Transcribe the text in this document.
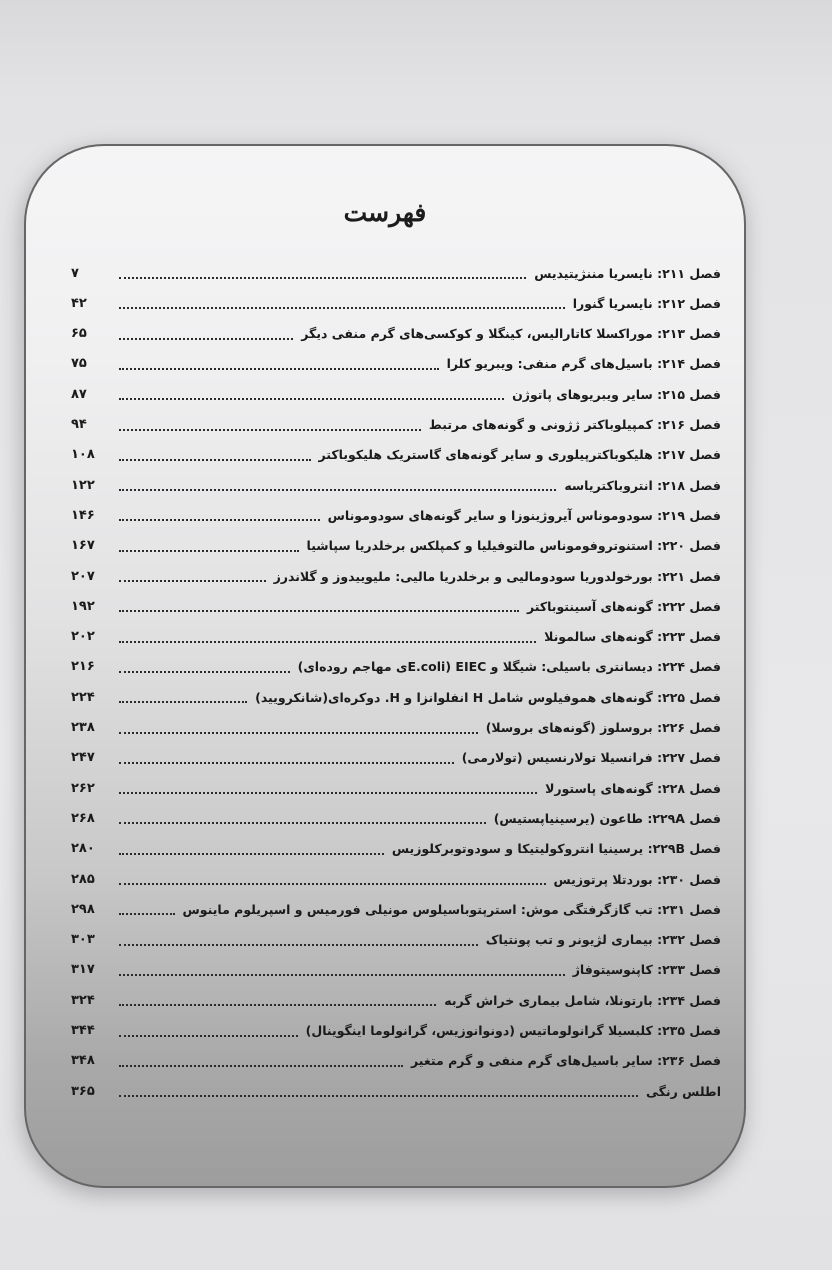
فهرست
فصل ۲۱۱: نایسریا مننژیتیدیس
۷
فصل ۲۱۲: نایسریا گنورا
۴۲
فصل ۲۱۳: موراکسلا کاتارالیس، کینگلا و کوکسی‌های گرم منفی دیگر
۶۵
فصل ۲۱۴: باسیل‌های گرم منفی: ویبریو کلرا
۷۵
فصل ۲۱۵: سایر ویبریوهای پاتوژن
۸۷
فصل ۲۱۶: کمپیلوباکتر ژژونی و گونه‌های مرتبط
۹۴
فصل ۲۱۷: هلیکوباکترپیلوری و سایر گونه‌های گاستریک هلیکوباکتر
۱۰۸
فصل ۲۱۸: انتروباکتریاسه
۱۲۲
فصل ۲۱۹: سودوموناس آیروژینوزا و سایر گونه‌های سودوموناس
۱۴۶
فصل ۲۲۰: استنوتروفوموناس مالتوفیلیا و کمپلکس برخلدریا سپاشیا
۱۶۷
فصل ۲۲۱: بورخولدوریا سودومالیی و برخلدریا مالیی: ملیوییدوز و گلاندرز
۲۰۷
فصل ۲۲۲: گونه‌های آسینتوباکتر
۱۹۲
فصل ۲۲۳: گونه‌های سالمونلا
۲۰۲
فصل ۲۲۴: دیسانتری باسیلی: شیگلا و EIEC (E.coli‌ی مهاجم روده‌ای)
۲۱۶
فصل ۲۲۵: گونه‌های هموفیلوس شامل H انفلوانزا و H. دوکره‌ای(شانکرویید)
۲۲۴
فصل ۲۲۶: بروسلوز (گونه‌های بروسلا)
۲۳۸
فصل ۲۲۷: فرانسیلا تولارنسیس (تولارمی)
۲۴۷
فصل ۲۲۸: گونه‌های پاستورلا
۲۶۲
فصل ۲۲۹A: طاعون (یرسینیاپستیس)
۲۶۸
فصل ۲۲۹B: یرسینیا انتروکولیتیکا و سودوتوبرکلوزیس
۲۸۰
فصل ۲۳۰: بوردتلا پرتوزیس
۲۸۵
فصل ۲۳۱: تب گازگرفتگی موش: استرپتوباسیلوس مونیلی فورمیس و اسپریلوم ماینوس
۲۹۸
فصل ۲۳۲: بیماری لژیونر و تب پونتیاک
۳۰۳
فصل ۲۳۳: کاپنوسیتوفاژ
۳۱۷
فصل ۲۳۴: بارتونلا، شامل بیماری خراش گربه
۳۲۴
فصل ۲۳۵: کلبسیلا گرانولوماتیس (دونوانوزیس، گرانولوما اینگوینال)
۳۴۴
فصل ۲۳۶: سایر باسیل‌های گرم منفی و گرم متغیر
۳۴۸
اطلس رنگی
۳۶۵
